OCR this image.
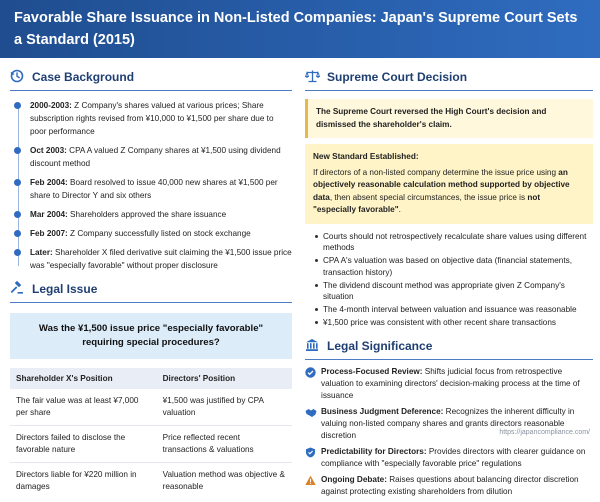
Favorable Share Issuance in Non-Listed Companies: Japan's Supreme Court Sets a Standard (2015)
Case Background
2000-2003: Z Company's shares valued at various prices; Share subscription rights revised from ¥10,000 to ¥1,500 per share due to poor performance
Oct 2003: CPA A valued Z Company shares at ¥1,500 using dividend discount method
Feb 2004: Board resolved to issue 40,000 new shares at ¥1,500 per share to Director Y and six others
Mar 2004: Shareholders approved the share issuance
Feb 2007: Z Company successfully listed on stock exchange
Later: Shareholder X filed derivative suit claiming the ¥1,500 issue price was "especially favorable" without proper disclosure
Legal Issue
Was the ¥1,500 issue price "especially favorable" requiring special procedures?
Shareholder X's Position	Directors' Position
The fair value was at least ¥7,000 per share	¥1,500 was justified by CPA valuation
Directors failed to disclose the favorable nature	Price reflected recent transactions & valuations
Directors liable for ¥220 million in damages	Valuation method was objective & reasonable
Supreme Court Decision
The Supreme Court reversed the High Court's decision and dismissed the shareholder's claim.
New Standard Established:
If directors of a non-listed company determine the issue price using an objectively reasonable calculation method supported by objective data, then absent special circumstances, the issue price is not "especially favorable".
Courts should not retrospectively recalculate share values using different methods
CPA A's valuation was based on objective data (financial statements, transaction history)
The dividend discount method was appropriate given Z Company's situation
The 4-month interval between valuation and issuance was reasonable
¥1,500 price was consistent with other recent share transactions
Legal Significance
Process-Focused Review: Shifts judicial focus from retrospective valuation to examining directors' decision-making process at the time of issuance
Business Judgment Deference: Recognizes the inherent difficulty in valuing non-listed company shares and grants directors reasonable discretion
Predictability for Directors: Provides directors with clearer guidance on compliance with "especially favorable price" regulations
Ongoing Debate: Raises questions about balancing director discretion against protecting existing shareholders from dilution
https://japancompliance.com/
